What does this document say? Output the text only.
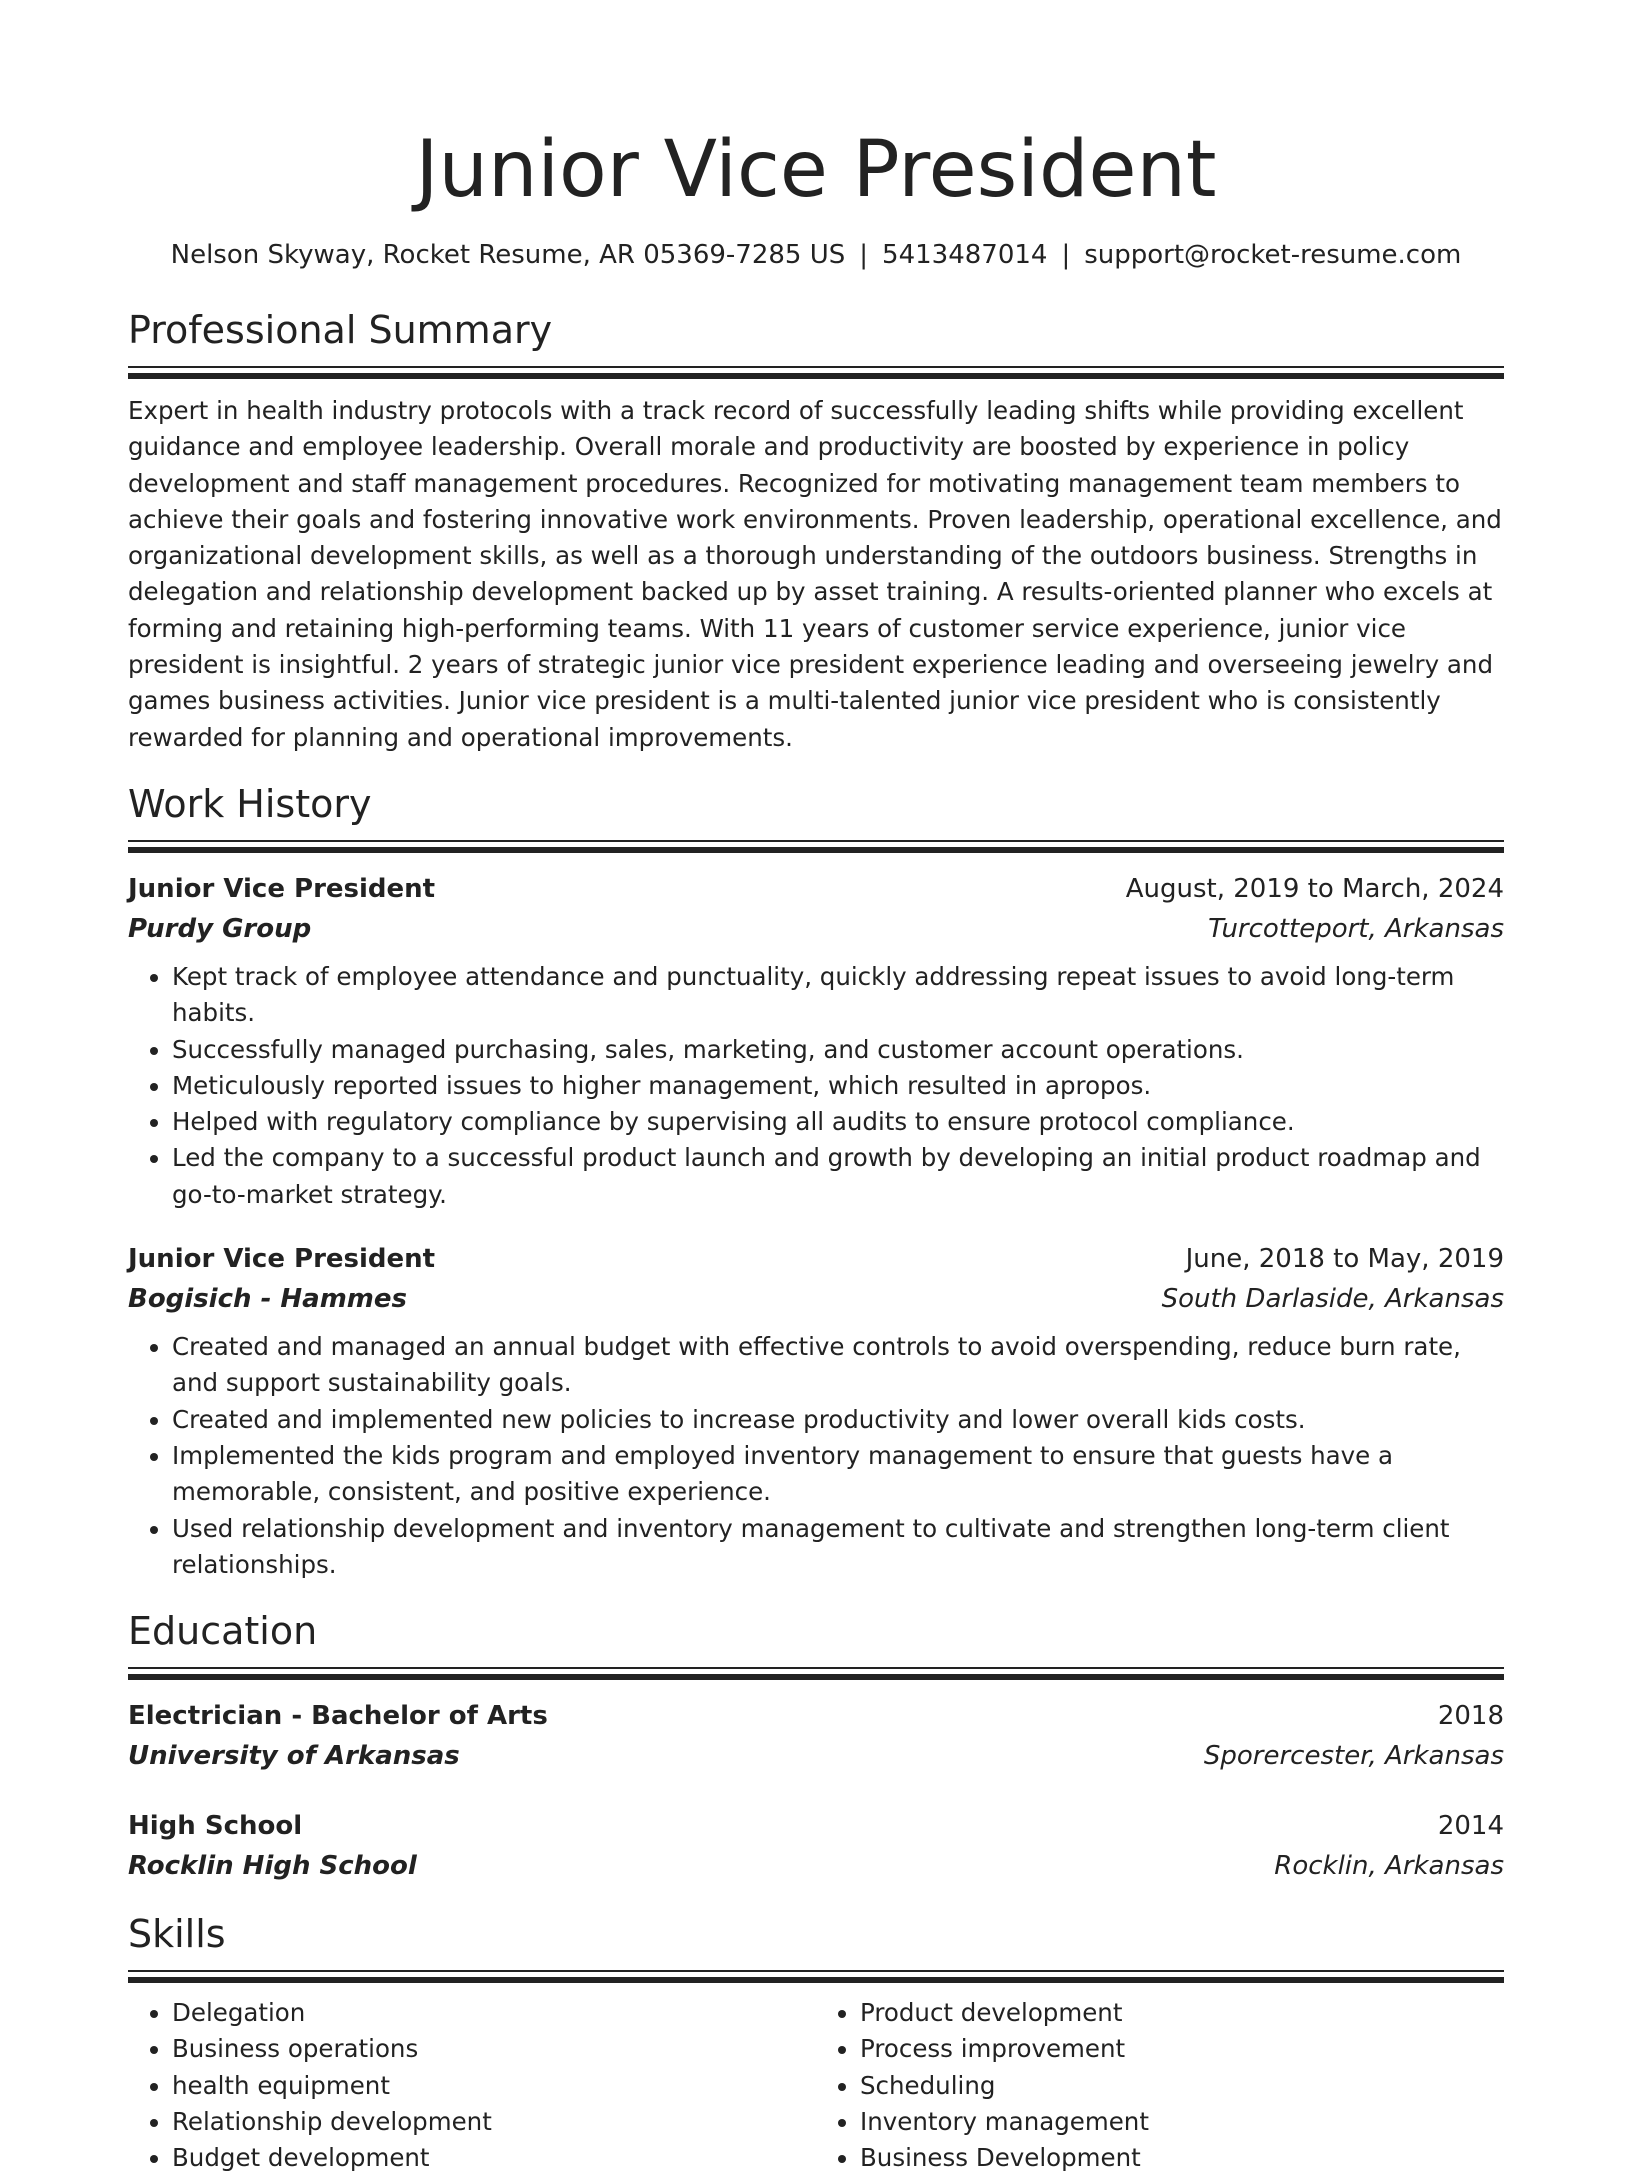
Junior Vice President
Nelson Skyway, Rocket Resume, AR 05369-7285 US | 5413487014 | support@rocket-resume.com
Professional Summary
Expert in health industry protocols with a track record of successfully leading shifts while providing excellent guidance and employee leadership. Overall morale and productivity are boosted by experience in policy development and staff management procedures. Recognized for motivating management team members to achieve their goals and fostering innovative work environments. Proven leadership, operational excellence, and organizational development skills, as well as a thorough understanding of the outdoors business. Strengths in delegation and relationship development backed up by asset training. A results-oriented planner who excels at forming and retaining high-performing teams. With 11 years of customer service experience, junior vice president is insightful. 2 years of strategic junior vice president experience leading and overseeing jewelry and games business activities. Junior vice president is a multi-talented junior vice president who is consistently rewarded for planning and operational improvements.
Work History
Junior Vice President	August, 2019 to March, 2024
Purdy Group	Turcotteport, Arkansas
• Kept track of employee attendance and punctuality, quickly addressing repeat issues to avoid long-term habits.
• Successfully managed purchasing, sales, marketing, and customer account operations.
• Meticulously reported issues to higher management, which resulted in apropos.
• Helped with regulatory compliance by supervising all audits to ensure protocol compliance.
• Led the company to a successful product launch and growth by developing an initial product roadmap and go-to-market strategy.
Junior Vice President	June, 2018 to May, 2019
Bogisich - Hammes	South Darlaside, Arkansas
• Created and managed an annual budget with effective controls to avoid overspending, reduce burn rate, and support sustainability goals.
• Created and implemented new policies to increase productivity and lower overall kids costs.
• Implemented the kids program and employed inventory management to ensure that guests have a memorable, consistent, and positive experience.
• Used relationship development and inventory management to cultivate and strengthen long-term client relationships.
Education
Electrician - Bachelor of Arts	2018
University of Arkansas	Sporercester, Arkansas
High School	2014
Rocklin High School	Rocklin, Arkansas
Skills
• Delegation
• Business operations
• health equipment
• Relationship development
• Budget development
• Product development
• Process improvement
• Scheduling
• Inventory management
• Business Development
